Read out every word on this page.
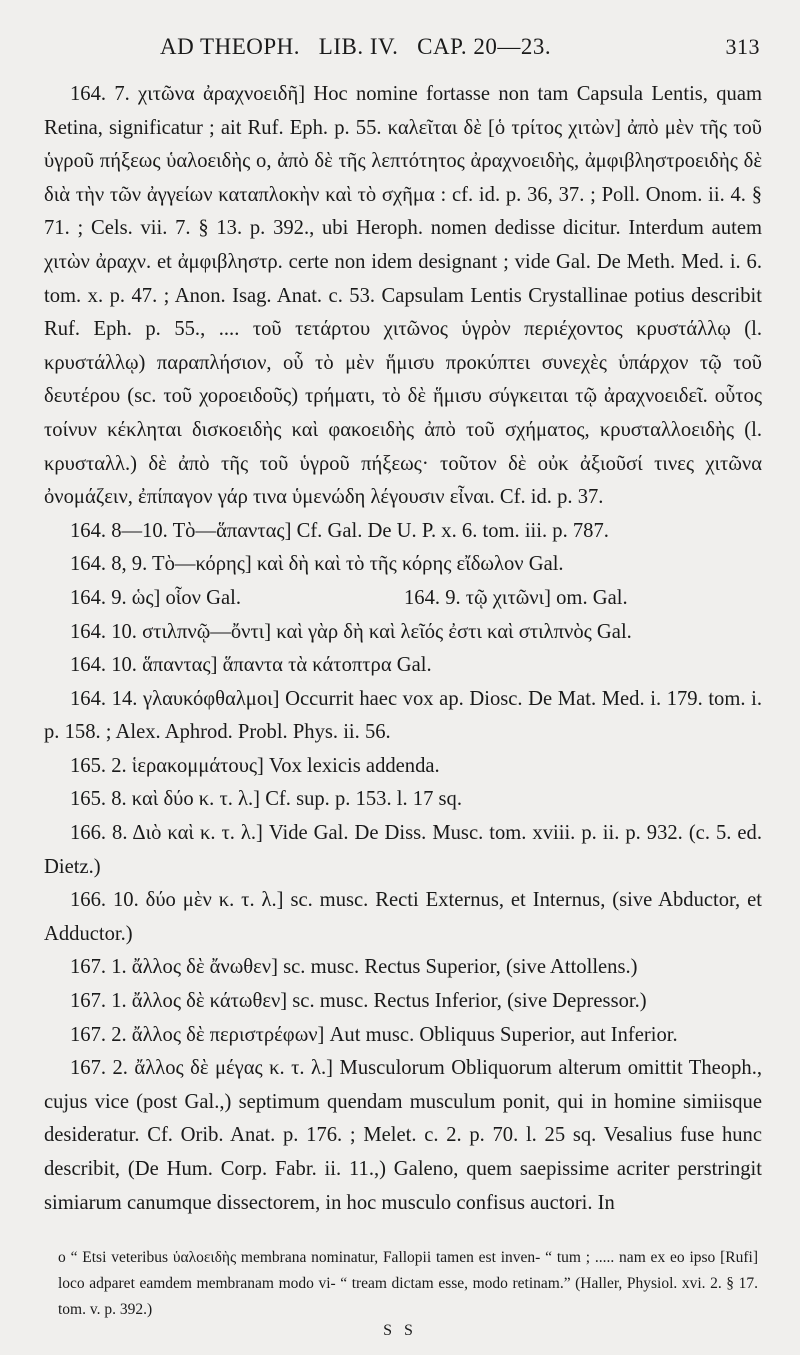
AD THEOPH.   LIB. IV.   CAP. 20—23.	313

164. 7. χιτῶνα ἀραχνοειδῆ] Hoc nomine fortasse non tam Capsula Lentis, quam Retina, significatur ; ait Ruf. Eph. p. 55. καλεῖται δὲ [ὁ τρίτος χιτὼν] ἀπὸ μὲν τῆς τοῦ ὑγροῦ πήξεως ὑαλοειδὴς o, ἀπὸ δὲ τῆς λεπτότητος ἀραχνοειδὴς, ἀμφιβληστροειδὴς δὲ διὰ τὴν τῶν ἀγγείων καταπλοκὴν καὶ τὸ σχῆμα : cf. id. p. 36, 37. ; Poll. Onom. ii. 4. § 71. ; Cels. vii. 7. § 13. p. 392., ubi Heroph. nomen dedisse dicitur. Interdum autem χιτὼν ἀραχν. et ἀμφιβληστρ. certe non idem designant ; vide Gal. De Meth. Med. i. 6. tom. x. p. 47. ; Anon. Isag. Anat. c. 53. Capsulam Lentis Crystallinae potius describit Ruf. Eph. p. 55., .... τοῦ τετάρτου χιτῶνος ὑγρὸν περιέχοντος κρυστάλλῳ (l. κρυστάλλῳ) παραπλήσιον, οὗ τὸ μὲν ἥμισυ προκύπτει συνεχὲς ὑπάρχον τῷ τοῦ δευτέρου (sc. τοῦ χοροειδοῦς) τρήματι, τὸ δὲ ἥμισυ σύγκειται τῷ ἀραχνοειδεῖ. οὗτος τοίνυν κέκληται δισκοειδὴς καὶ φακοειδὴς ἀπὸ τοῦ σχήματος, κρυσταλλοειδὴς (l. κρυσταλλ.) δὲ ἀπὸ τῆς τοῦ ὑγροῦ πήξεως· τοῦτον δὲ οὐκ ἀξιοῦσί τινες χιτῶνα ὀνομάζειν, ἐπίπαγον γάρ τινα ὑμενώδη λέγουσιν εἶναι. Cf. id. p. 37.

164. 8—10. Τὸ—ἅπαντας] Cf. Gal. De U. P. x. 6. tom. iii. p. 787.

164. 8, 9. Τὸ—κόρης] καὶ δὴ καὶ τὸ τῆς κόρης εἴδωλον Gal.

164. 9. ὡς] οἷον Gal.	164. 9. τῷ χιτῶνι] om. Gal.

164. 10. στιλπνῷ—ὄντι] καὶ γὰρ δὴ καὶ λεῖός ἐστι καὶ στιλπνὸς Gal.

164. 10. ἅπαντας] ἅπαντα τὰ κάτοπτρα Gal.

164. 14. γλαυκόφθαλμοι] Occurrit haec vox ap. Diosc. De Mat. Med. i. 179. tom. i. p. 158. ; Alex. Aphrod. Probl. Phys. ii. 56.

165. 2. ἱερακομμάτους] Vox lexicis addenda.

165. 8. καὶ δύο κ. τ. λ.] Cf. sup. p. 153. l. 17 sq.

166. 8. Διὸ καὶ κ. τ. λ.] Vide Gal. De Diss. Musc. tom. xviii. p. ii. p. 932. (c. 5. ed. Dietz.)

166. 10. δύο μὲν κ. τ. λ.] sc. musc. Recti Externus, et Internus, (sive Abductor, et Adductor.)

167. 1. ἄλλος δὲ ἄνωθεν] sc. musc. Rectus Superior, (sive Attollens.)

167. 1. ἄλλος δὲ κάτωθεν] sc. musc. Rectus Inferior, (sive Depressor.)

167. 2. ἄλλος δὲ περιστρέφων] Aut musc. Obliquus Superior, aut Inferior.

167. 2. ἄλλος δὲ μέγας κ. τ. λ.] Musculorum Obliquorum alterum omittit Theoph., cujus vice (post Gal.,) septimum quendam musculum ponit, qui in homine simiisque desideratur. Cf. Orib. Anat. p. 176. ; Melet. c. 2. p. 70. l. 25 sq. Vesalius fuse hunc describit, (De Hum. Corp. Fabr. ii. 11.,) Galeno, quem saepissime acriter perstringit simiarum canumque dissectorem, in hoc musculo confisus auctori. In

o “ Etsi veteribus ὑαλοειδὴς membrana nominatur, Fallopii tamen est inven- “ tum ; ..... nam ex eo ipso [Rufi] loco adparet eamdem membranam modo vi- “ tream dictam esse, modo retinam.” (Haller, Physiol. xvi. 2. § 17. tom. v. p. 392.)
S S
